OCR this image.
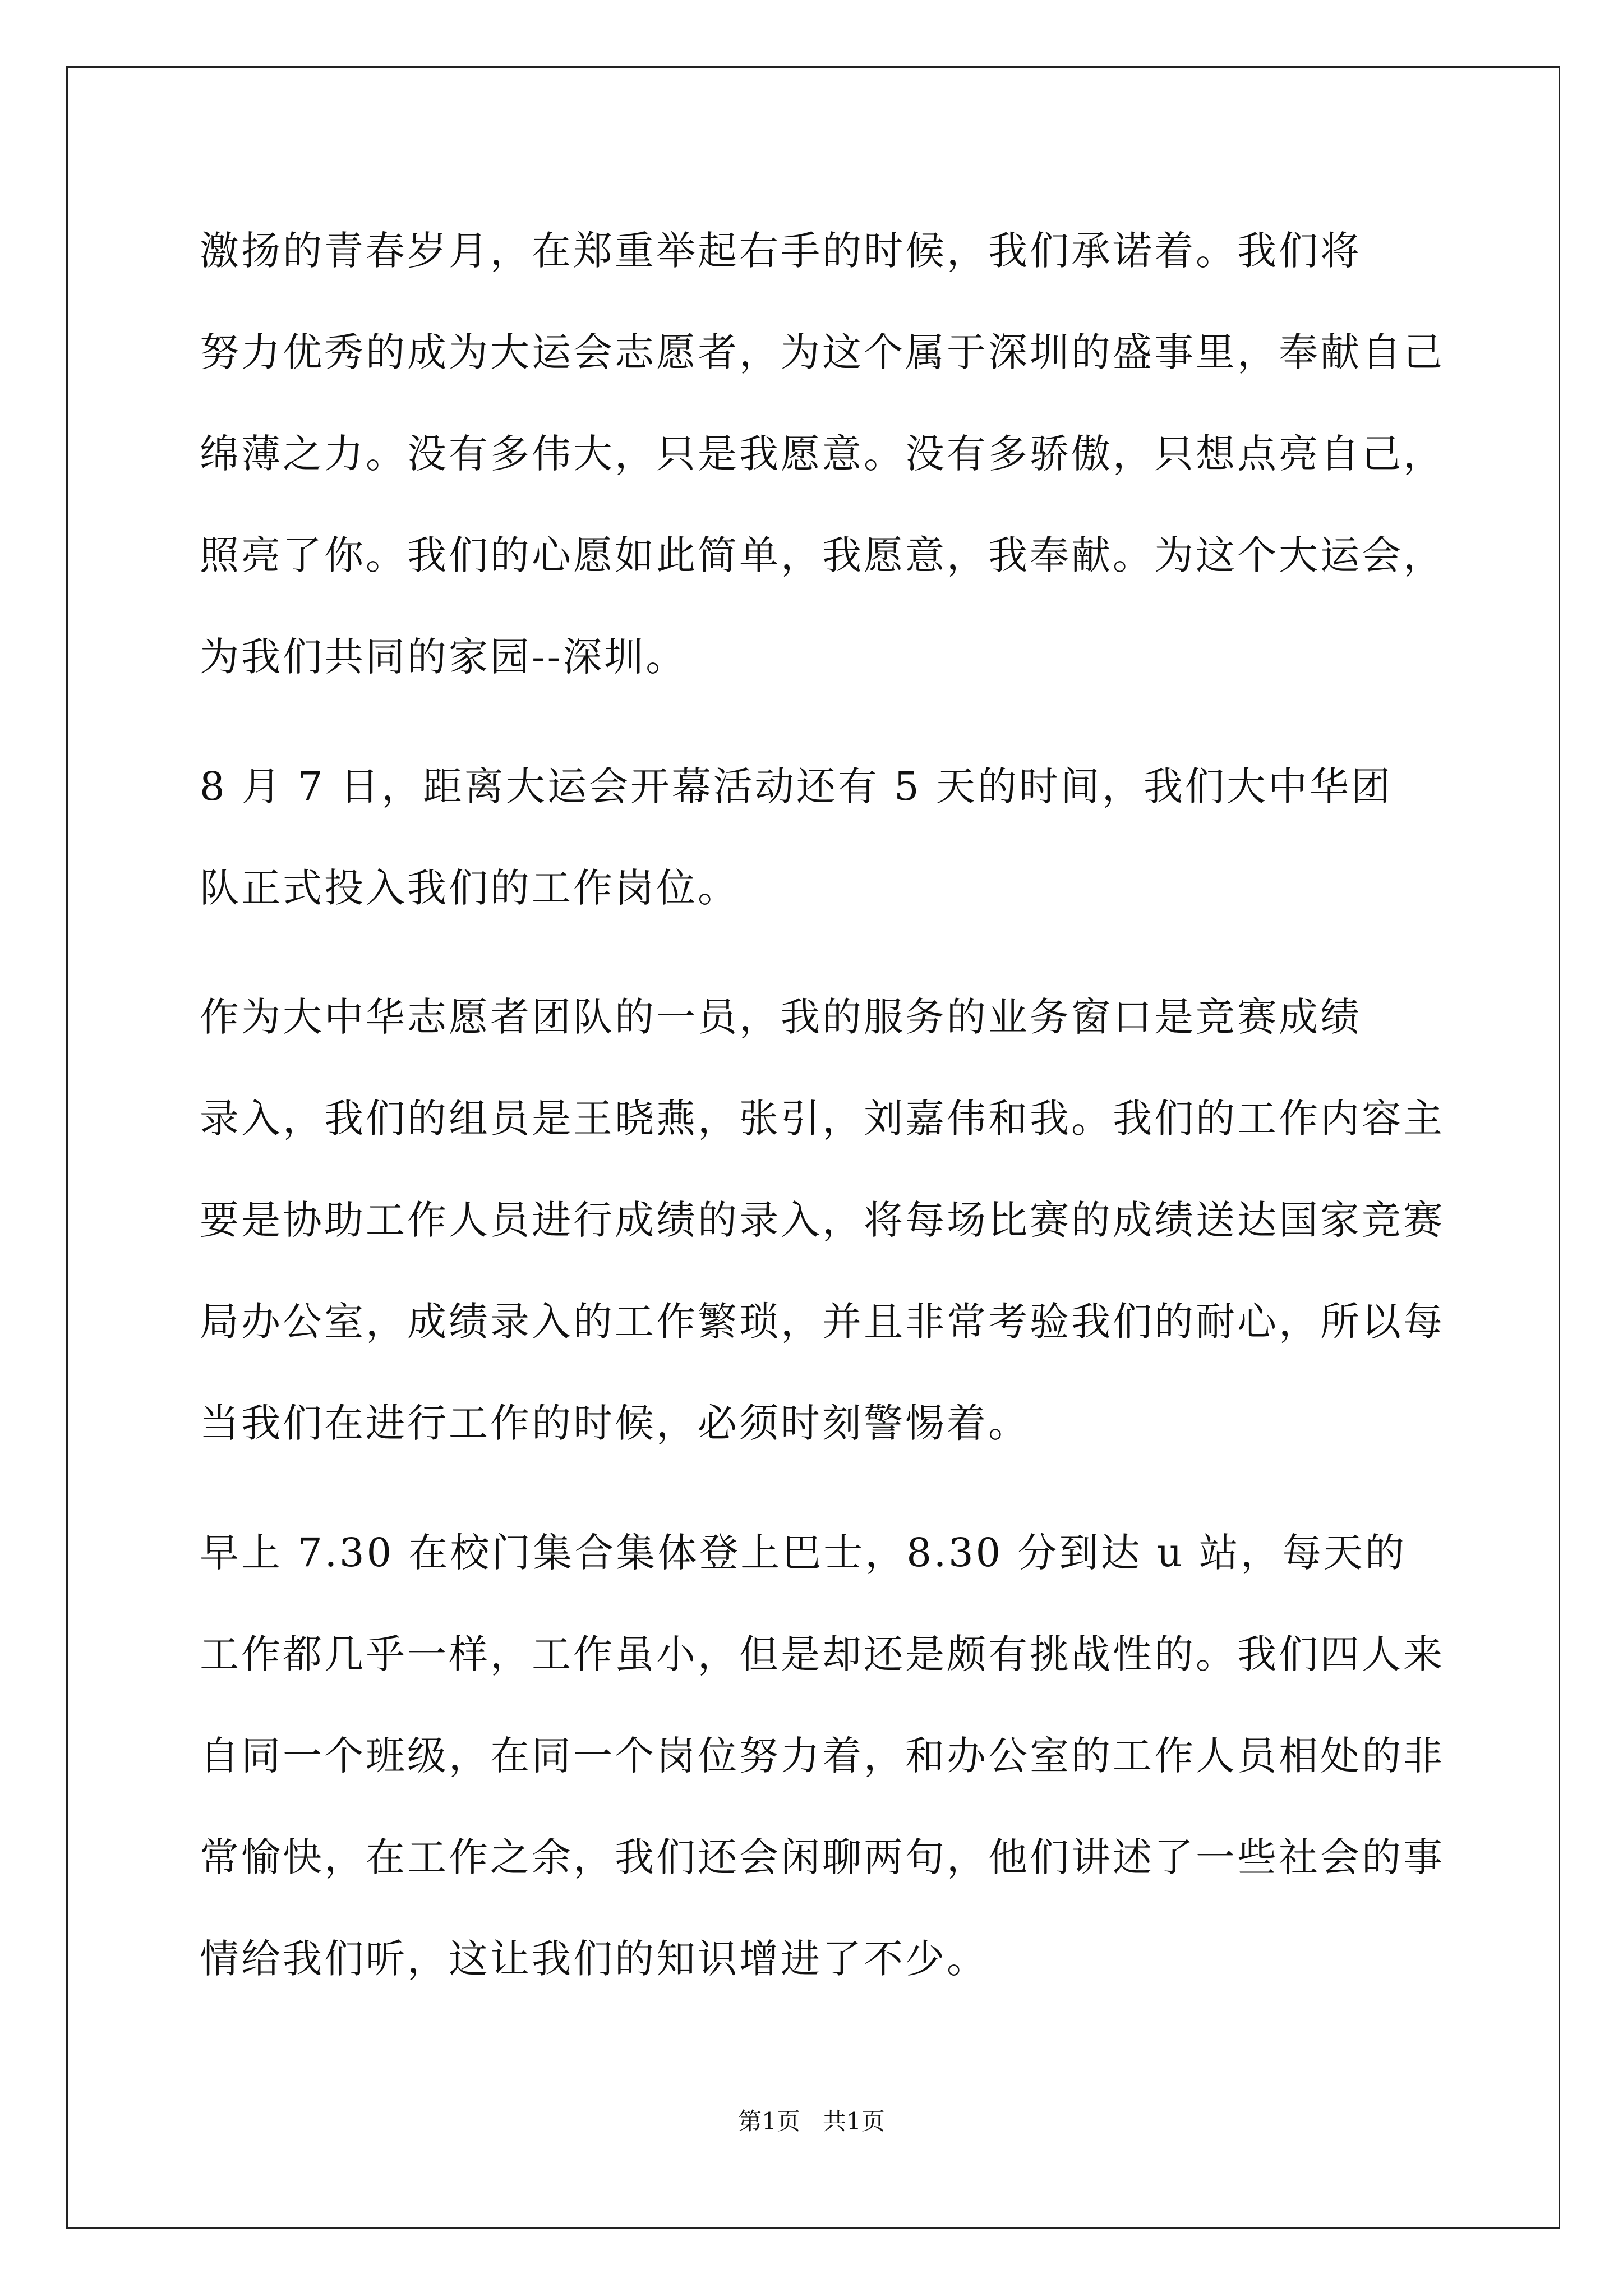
激扬的青春岁月，在郑重举起右手的时候，我们承诺着。我们将
努力优秀的成为大运会志愿者，为这个属于深圳的盛事里，奉献自己
绵薄之力。没有多伟大，只是我愿意。没有多骄傲，只想点亮自己，
照亮了你。我们的心愿如此简单，我愿意，我奉献。为这个大运会，
为我们共同的家园--深圳。
8 月 7 日，距离大运会开幕活动还有 5 天的时间，我们大中华团
队正式投入我们的工作岗位。
作为大中华志愿者团队的一员，我的服务的业务窗口是竞赛成绩
录入，我们的组员是王晓燕，张引，刘嘉伟和我。我们的工作内容主
要是协助工作人员进行成绩的录入，将每场比赛的成绩送达国家竞赛
局办公室，成绩录入的工作繁琐，并且非常考验我们的耐心，所以每
当我们在进行工作的时候，必须时刻警惕着。
早上 7.30 在校门集合集体登上巴士，8.30 分到达 u 站，每天的
工作都几乎一样，工作虽小，但是却还是颇有挑战性的。我们四人来
自同一个班级，在同一个岗位努力着，和办公室的工作人员相处的非
常愉快，在工作之余，我们还会闲聊两句，他们讲述了一些社会的事
情给我们听，这让我们的知识增进了不少。
第1页   共1页
